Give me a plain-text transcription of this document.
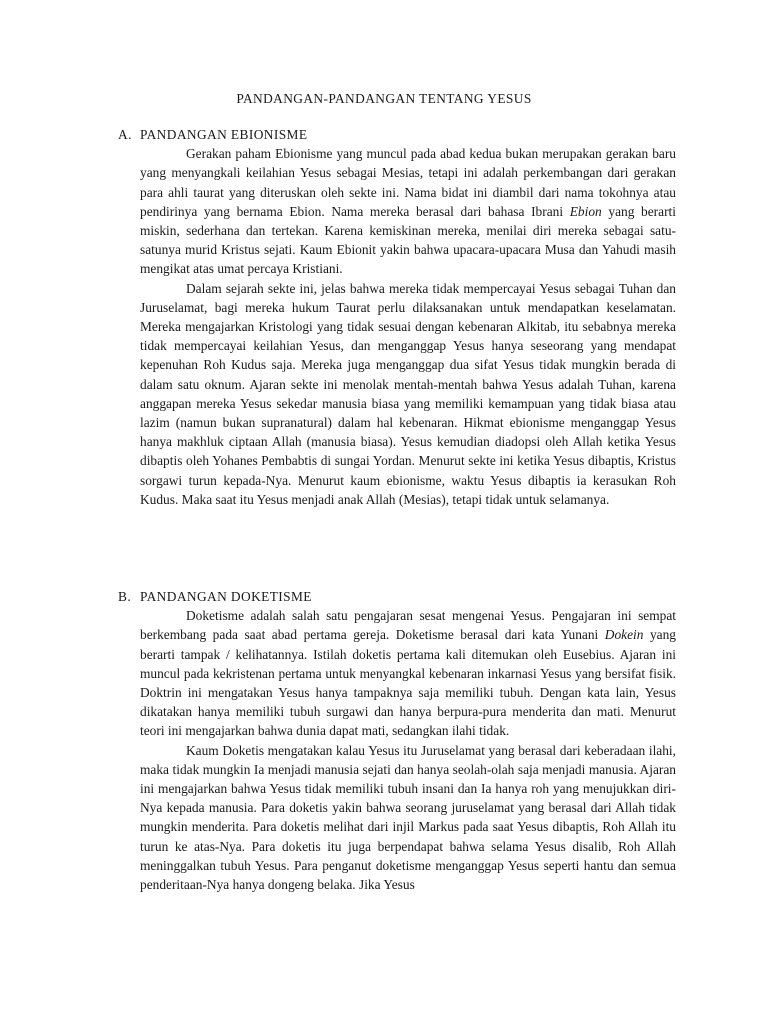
PANDANGAN-PANDANGAN TENTANG YESUS
A. PANDANGAN EBIONISME

Gerakan paham Ebionisme yang muncul pada abad kedua bukan merupakan gerakan baru yang menyangkali keilahian Yesus sebagai Mesias, tetapi ini adalah perkembangan dari gerakan para ahli taurat yang diteruskan oleh sekte ini. Nama bidat ini diambil dari nama tokohnya atau pendirinya yang bernama Ebion. Nama mereka berasal dari bahasa Ibrani Ebion yang berarti miskin, sederhana dan tertekan. Karena kemiskinan mereka, menilai diri mereka sebagai satu-satunya murid Kristus sejati. Kaum Ebionit yakin bahwa upacara-upacara Musa dan Yahudi masih mengikat atas umat percaya Kristiani.

Dalam sejarah sekte ini, jelas bahwa mereka tidak mempercayai Yesus sebagai Tuhan dan Juruselamat, bagi mereka hukum Taurat perlu dilaksanakan untuk mendapatkan keselamatan. Mereka mengajarkan Kristologi yang tidak sesuai dengan kebenaran Alkitab, itu sebabnya mereka tidak mempercayai keilahian Yesus, dan menganggap Yesus hanya seseorang yang mendapat kepenuhan Roh Kudus saja. Mereka juga menganggap dua sifat Yesus tidak mungkin berada di dalam satu oknum. Ajaran sekte ini menolak mentah-mentah bahwa Yesus adalah Tuhan, karena anggapan mereka Yesus sekedar manusia biasa yang memiliki kemampuan yang tidak biasa atau lazim (namun bukan supranatural) dalam hal kebenaran. Hikmat ebionisme menganggap Yesus hanya makhluk ciptaan Allah (manusia biasa). Yesus kemudian diadopsi oleh Allah ketika Yesus dibaptis oleh Yohanes Pembabtis di sungai Yordan. Menurut sekte ini ketika Yesus dibaptis, Kristus sorgawi turun kepada-Nya. Menurut kaum ebionisme, waktu Yesus dibaptis ia kerasukan Roh Kudus. Maka saat itu Yesus menjadi anak Allah (Mesias), tetapi tidak untuk selamanya.

B. PANDANGAN DOKETISME

Doketisme adalah salah satu pengajaran sesat mengenai Yesus. Pengajaran ini sempat berkembang pada saat abad pertama gereja. Doketisme berasal dari kata Yunani Dokein yang berarti tampak / kelihatannya. Istilah doketis pertama kali ditemukan oleh Eusebius. Ajaran ini muncul pada kekristenan pertama untuk menyangkal kebenaran inkarnasi Yesus yang bersifat fisik. Doktrin ini mengatakan Yesus hanya tampaknya saja memiliki tubuh. Dengan kata lain, Yesus dikatakan hanya memiliki tubuh surgawi dan hanya berpura-pura menderita dan mati. Menurut teori ini mengajarkan bahwa dunia dapat mati, sedangkan ilahi tidak.

Kaum Doketis mengatakan kalau Yesus itu Juruselamat yang berasal dari keberadaan ilahi, maka tidak mungkin Ia menjadi manusia sejati dan hanya seolah-olah saja menjadi manusia. Ajaran ini mengajarkan bahwa Yesus tidak memiliki tubuh insani dan Ia hanya roh yang menujukkan diri-Nya kepada manusia. Para doketis yakin bahwa seorang juruselamat yang berasal dari Allah tidak mungkin menderita. Para doketis melihat dari injil Markus pada saat Yesus dibaptis, Roh Allah itu turun ke atas-Nya. Para doketis itu juga berpendapat bahwa selama Yesus disalib, Roh Allah meninggalkan tubuh Yesus. Para penganut doketisme menganggap Yesus seperti hantu dan semua penderitaan-Nya hanya dongeng belaka. Jika Yesus
